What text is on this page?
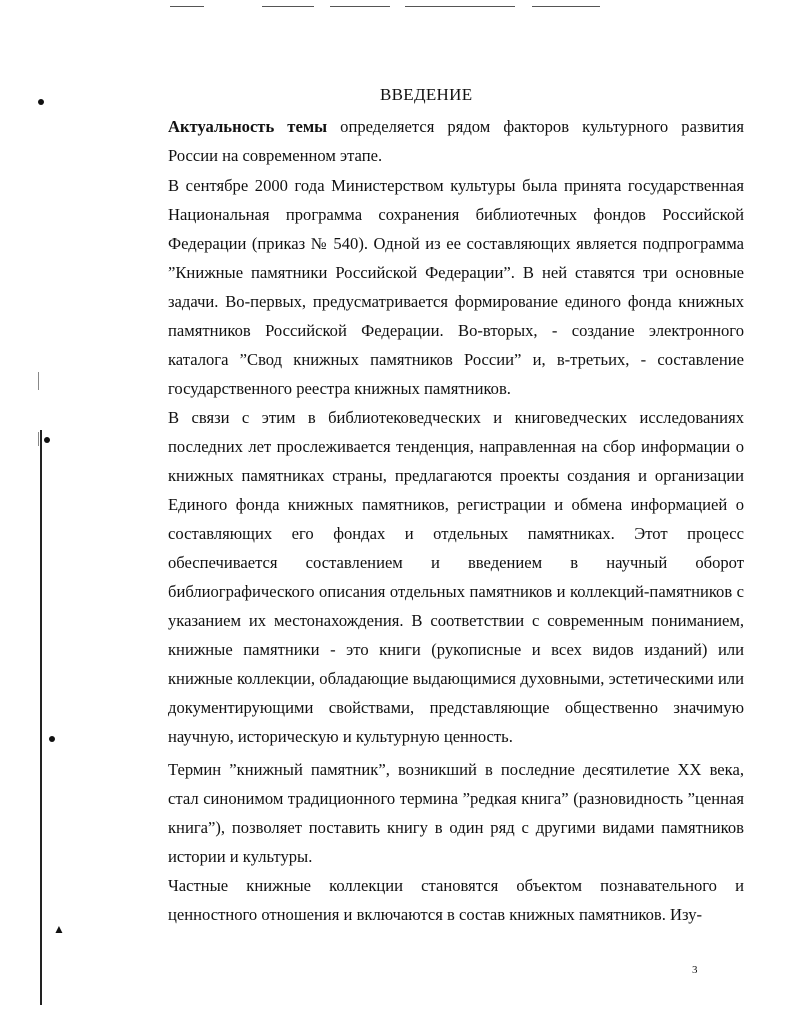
▲
ВВЕДЕНИЕ
Актуальность темы определяется рядом факторов культурного развития России на современном этапе.
В сентябре 2000 года Министерством культуры была принята государственная Национальная программа сохранения библиотечных фондов Российской Федерации (приказ № 540). Одной из ее составляющих является подпрограмма ”Книжные памятники Российской Федерации”. В ней ставятся три основные задачи. Во-первых, предусматривается формирование единого фонда книжных памятников Российской Федерации. Во-вторых, - создание электронного каталога ”Свод книжных памятников России” и, в-третьих, - составление государственного реестра книжных памятников.
В связи с этим в библиотековедческих и книговедческих исследованиях последних лет прослеживается тенденция, направленная на сбор информации о книжных памятниках страны, предлагаются проекты создания и организации Единого фонда книжных памятников, регистрации и обмена информацией о составляющих его фондах и отдельных памятниках. Этот процесс обеспечивается составлением и введением в научный оборот библиографического описания отдельных памятников и коллекций-памятников с указанием их местонахождения. В соответствии с современным пониманием, книжные памятники - это книги (рукописные и всех видов изданий) или книжные коллекции, обладающие выдающимися духовными, эстетическими или документирующими свойствами, представляющие общественно значимую научную, историческую и культурную ценность.
Термин ”книжный памятник”, возникший в последние десятилетие XX века, стал синонимом традиционного термина ”редкая книга” (разновидность ”ценная книга”), позволяет поставить книгу в один ряд с другими видами памятников истории и культуры.
Частные книжные коллекции становятся объектом познавательного и ценностного отношения и включаются в состав книжных памятников. Изу-
3
